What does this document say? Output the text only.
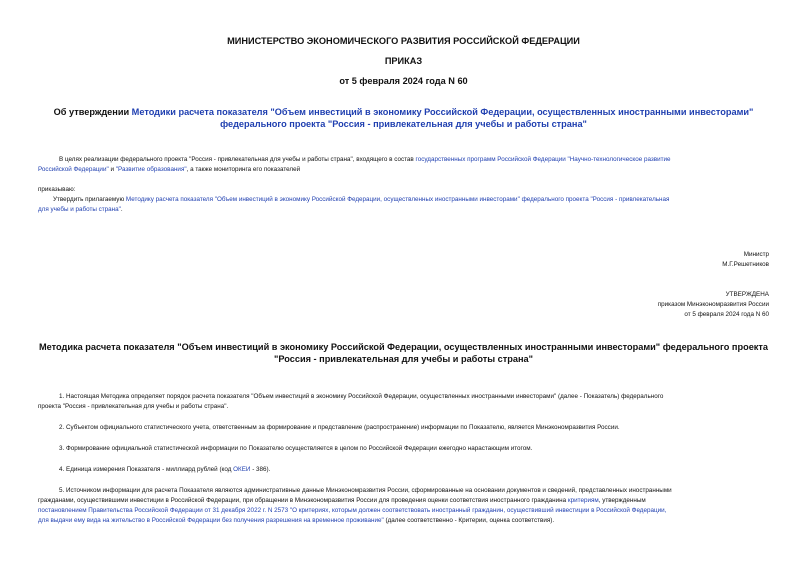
МИНИСТЕРСТВО ЭКОНОМИЧЕСКОГО РАЗВИТИЯ РОССИЙСКОЙ ФЕДЕРАЦИИ
ПРИКАЗ
от 5 февраля 2024 года N 60
Об утверждении Методики расчета показателя "Объем инвестиций в экономику Российской Федерации, осуществленных иностранными инвесторами"
федерального проекта "Россия - привлекательная для учебы и работы страна"
В целях реализации федерального проекта "Россия - привлекательная для учебы и работы страна", входящего в состав государственных программ Российской Федерации "Научно-технологическое развитие
Российской Федерации" и "Развитие образования", а также мониторинга его показателей
приказываю:
Утвердить прилагаемую Методику расчета показателя "Объем инвестиций в экономику Российской Федерации, осуществленных иностранными инвесторами" федерального проекта "Россия - привлекательная
для учебы и работы страна".
Министр
М.Г.Решетников
УТВЕРЖДЕНА
приказом Минэкономразвития России
от 5 февраля 2024 года N 60
Методика расчета показателя "Объем инвестиций в экономику Российской Федерации, осуществленных иностранными инвесторами" федерального проекта
"Россия - привлекательная для учебы и работы страна"
1. Настоящая Методика определяет порядок расчета показателя "Объем инвестиций в экономику Российской Федерации, осуществленных иностранными инвесторами" (далее - Показатель) федерального
проекта "Россия - привлекательная для учебы и работы страна".
2. Субъектом официального статистического учета, ответственным за формирование и представление (распространение) информации по Показателю, является Минэкономразвития России.
3. Формирование официальной статистической информации по Показателю осуществляется в целом по Российской Федерации ежегодно нарастающим итогом.
4. Единица измерения Показателя - миллиард рублей (код ОКЕИ - 386).
5. Источником информации для расчета Показателя являются административные данные Минэкономразвития России, сформированные на основании документов и сведений, представленных иностранными
гражданами, осуществившими инвестиции в Российской Федерации, при обращении в Минэкономразвития России для проведения оценки соответствия иностранного гражданина критериям, утвержденным
постановлением Правительства Российской Федерации от 31 декабря 2022 г. N 2573 "О критериях, которым должен соответствовать иностранный гражданин, осуществивший инвестиции в Российской Федерации,
для выдачи ему вида на жительство в Российской Федерации без получения разрешения на временное проживание" (далее соответственно - Критерии, оценка соответствия).
